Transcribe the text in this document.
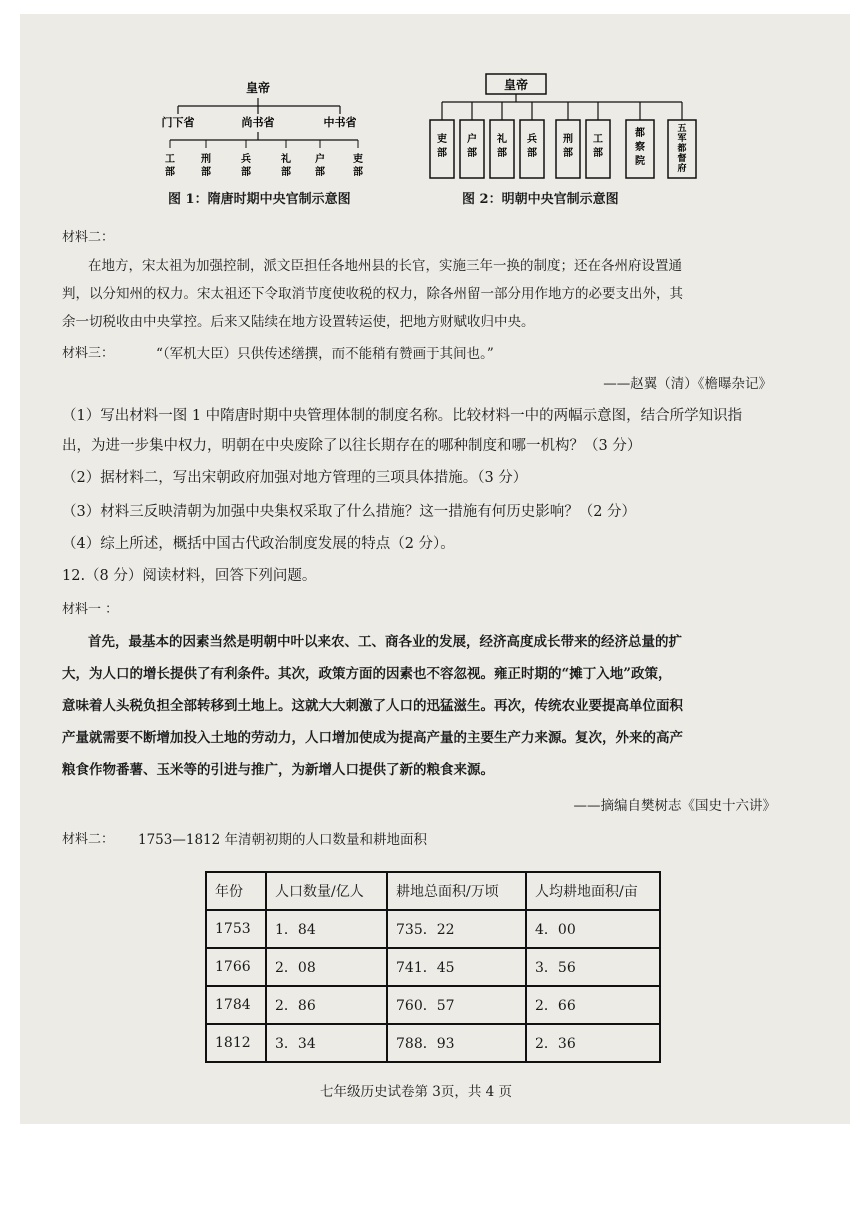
皇帝
门下省	尚书省	中书省
工部
刑部
兵部
礼部
户部
吏部
图 1：隋唐时期中央官制示意图
皇帝
吏部
户部
礼部
兵部
刑部
工部
都察院
五军都督府
图 2：明朝中央官制示意图
材料二：
在地方，宋太祖为加强控制，派文臣担任各地州县的长官，实施三年一换的制度；还在各州府设置通
判，以分知州的权力。宋太祖还下令取消节度使收税的权力，除各州留一部分用作地方的必要支出外，其
余一切税收由中央掌控。后来又陆续在地方设置转运使，把地方财赋收归中央。
材料三：	“（军机大臣）只供传述缮撰，而不能稍有赞画于其间也。”
——赵翼（清）《檐曝杂记》
（1）写出材料一图 1 中隋唐时期中央管理体制的制度名称。比较材料一中的两幅示意图，结合所学知识指
出，为进一步集中权力，明朝在中央废除了以往长期存在的哪种制度和哪一机构？（3 分）
（2）据材料二，写出宋朝政府加强对地方管理的三项具体措施。（3 分）
（3）材料三反映清朝为加强中央集权采取了什么措施？这一措施有何历史影响？（2 分）
（4）综上所述，概括中国古代政治制度发展的特点（2 分）。
12.（8 分）阅读材料，回答下列问题。
材料一 ：
首先，最基本的因素当然是明朝中叶以来农、工、商各业的发展，经济高度成长带来的经济总量的扩
大，为人口的增长提供了有利条件。其次，政策方面的因素也不容忽视。雍正时期的“摊丁入地”政策，
意味着人头税负担全部转移到土地上。这就大大刺激了人口的迅猛滋生。再次，传统农业要提高单位面积
产量就需要不断增加投入土地的劳动力，人口增加使成为提高产量的主要生产力来源。复次，外来的高产
粮食作物番薯、玉米等的引进与推广，为新增人口提供了新的粮食来源。
——摘编自樊树志《国史十六讲》
材料二： 1753—1812 年清朝初期的人口数量和耕地面积
年份	人口数量/亿人	耕地总面积/万顷	人均耕地面积/亩
1753	1．84	735．22	4．00
1766	2．08	741．45	3．56
1784	2．86	760．57	2．66
1812	3．34	788．93	2．36
七年级历史试卷第 3页，共 4 页
